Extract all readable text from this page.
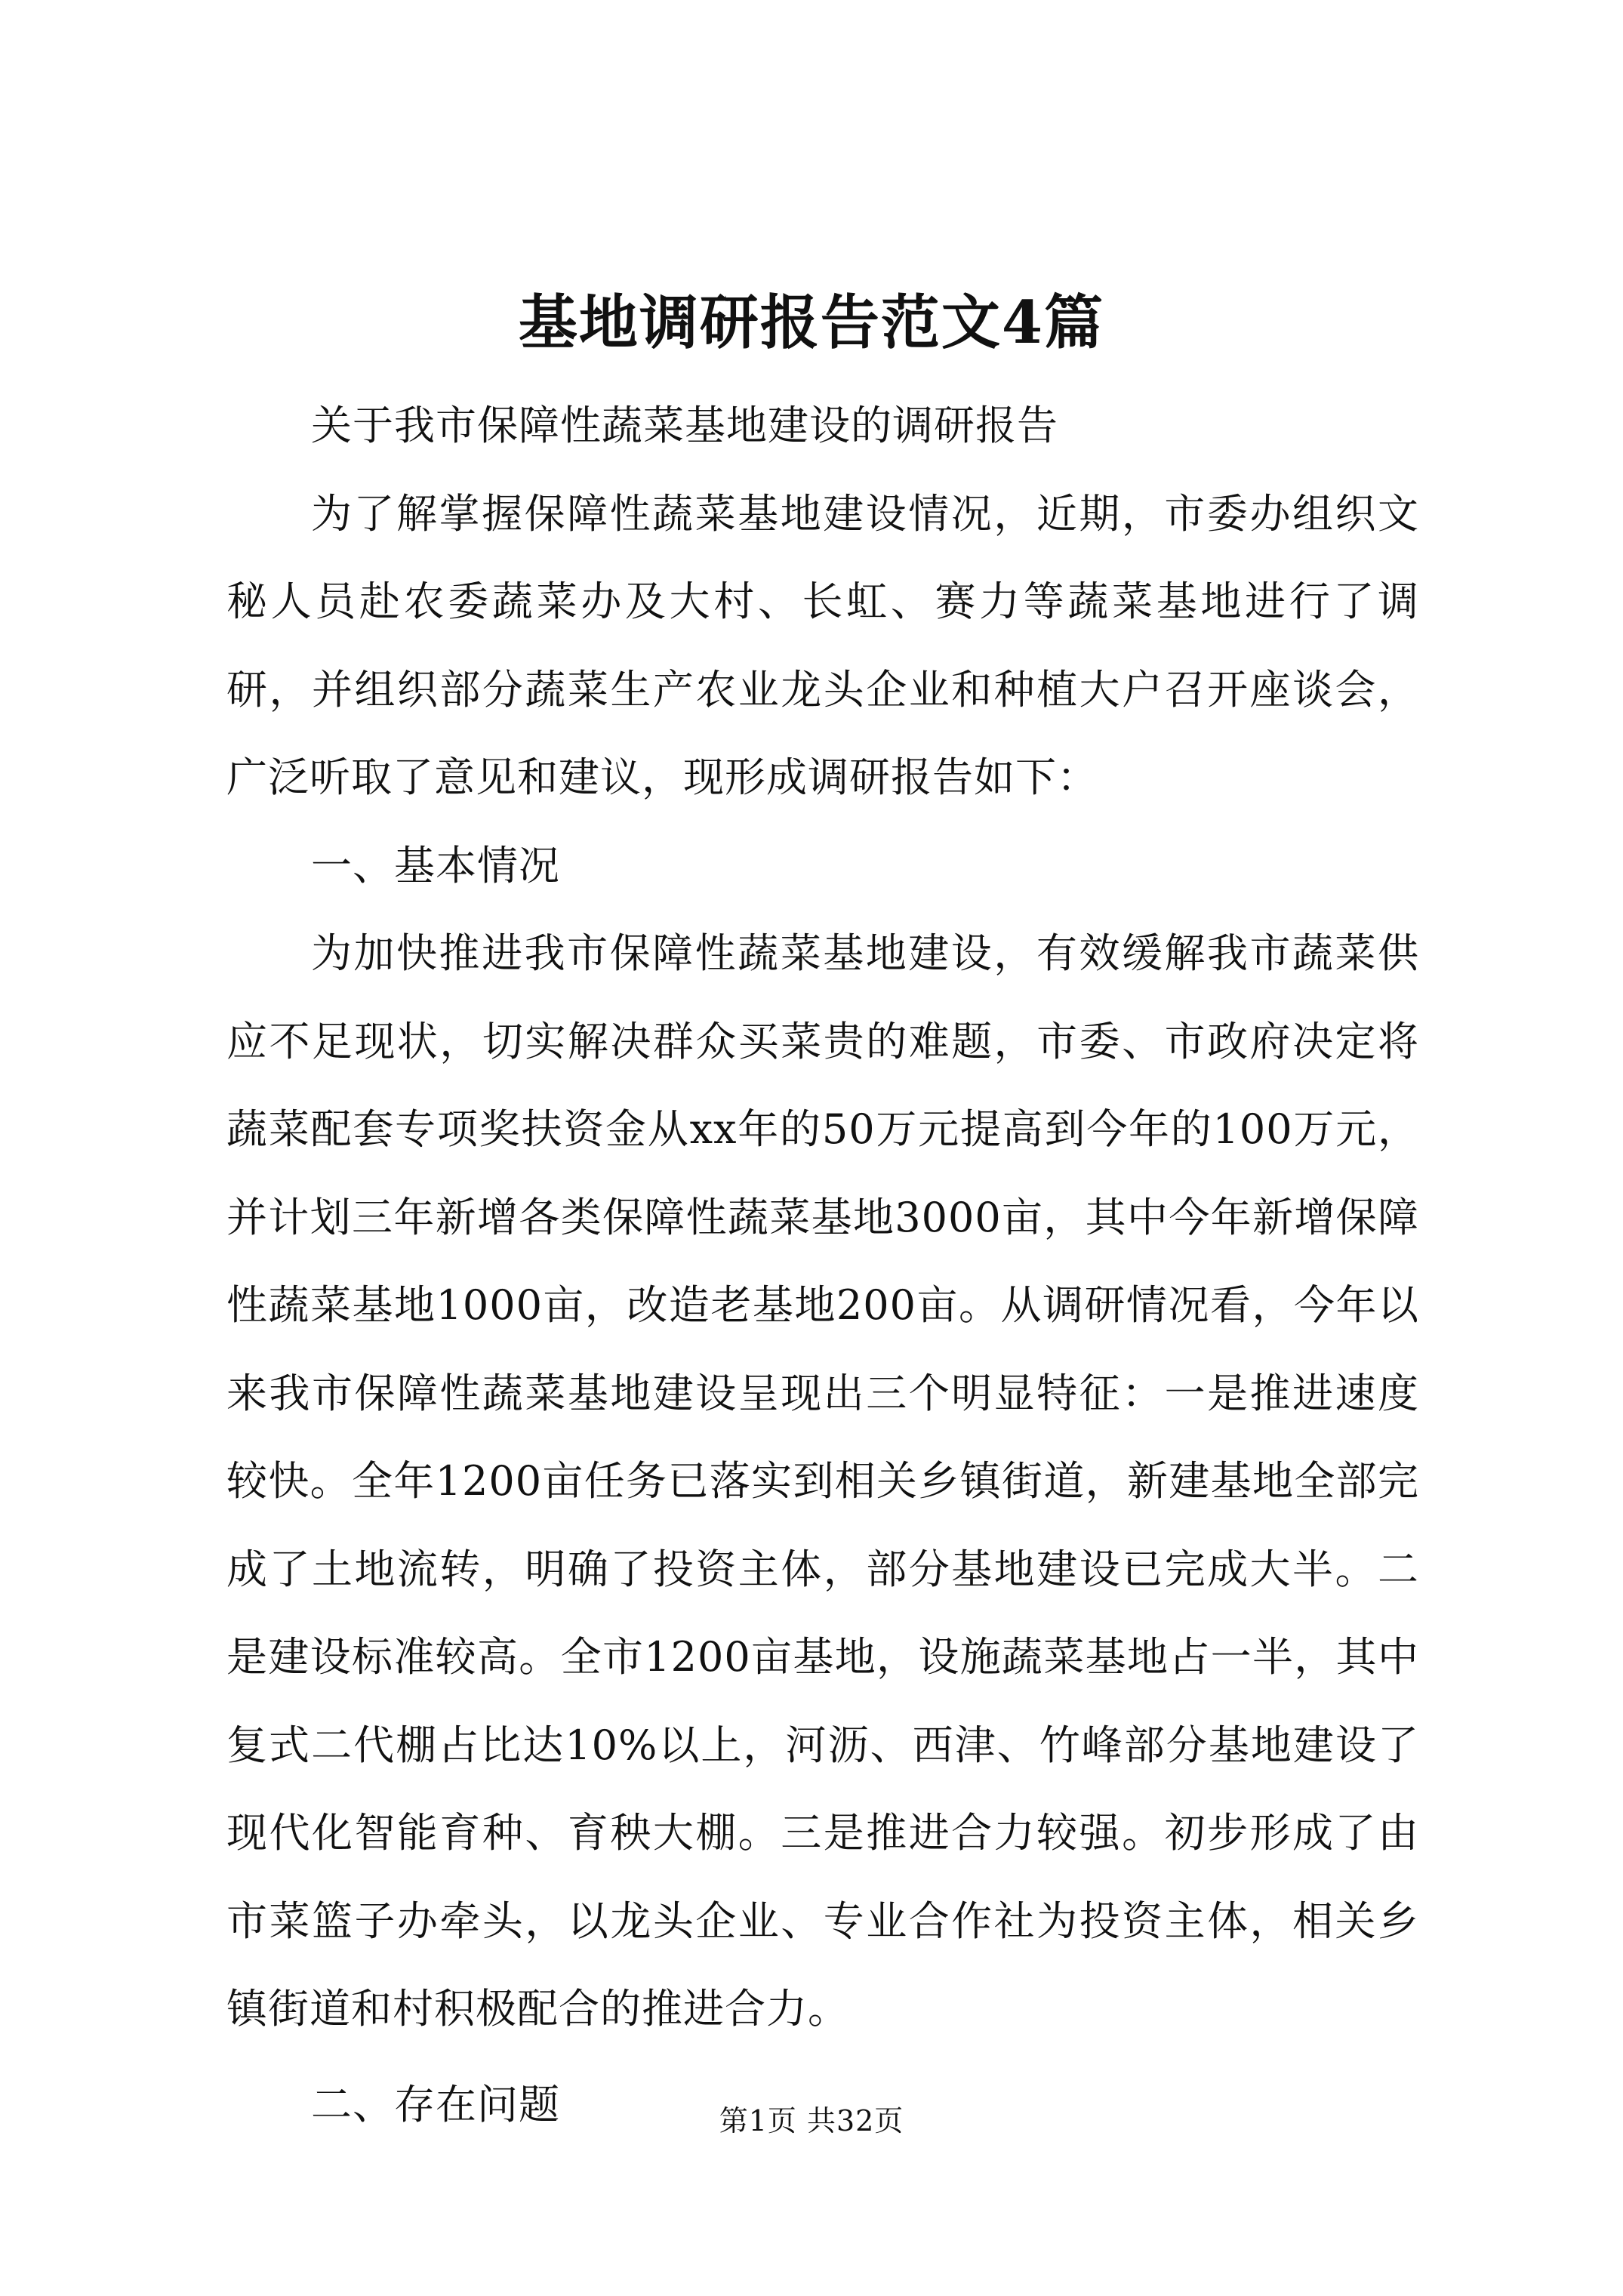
基地调研报告范文4篇

关于我市保障性蔬菜基地建设的调研报告

为了解掌握保障性蔬菜基地建设情况，近期，市委办组织文秘人员赴农委蔬菜办及大村、长虹、赛力等蔬菜基地进行了调研，并组织部分蔬菜生产农业龙头企业和种植大户召开座谈会，广泛听取了意见和建议，现形成调研报告如下：

一、基本情况

为加快推进我市保障性蔬菜基地建设，有效缓解我市蔬菜供应不足现状，切实解决群众买菜贵的难题，市委、市政府决定将蔬菜配套专项奖扶资金从xx年的50万元提高到今年的100万元，并计划三年新增各类保障性蔬菜基地3000亩，其中今年新增保障性蔬菜基地1000亩，改造老基地200亩。从调研情况看，今年以来我市保障性蔬菜基地建设呈现出三个明显特征：一是推进速度较快。全年1200亩任务已落实到相关乡镇街道，新建基地全部完成了土地流转，明确了投资主体，部分基地建设已完成大半。二是建设标准较高。全市1200亩基地，设施蔬菜基地占一半，其中复式二代棚占比达10%以上，河沥、西津、竹峰部分基地建设了现代化智能育种、育秧大棚。三是推进合力较强。初步形成了由市菜篮子办牵头，以龙头企业、专业合作社为投资主体，相关乡镇街道和村积极配合的推进合力。

二、存在问题	第1页 共32页
